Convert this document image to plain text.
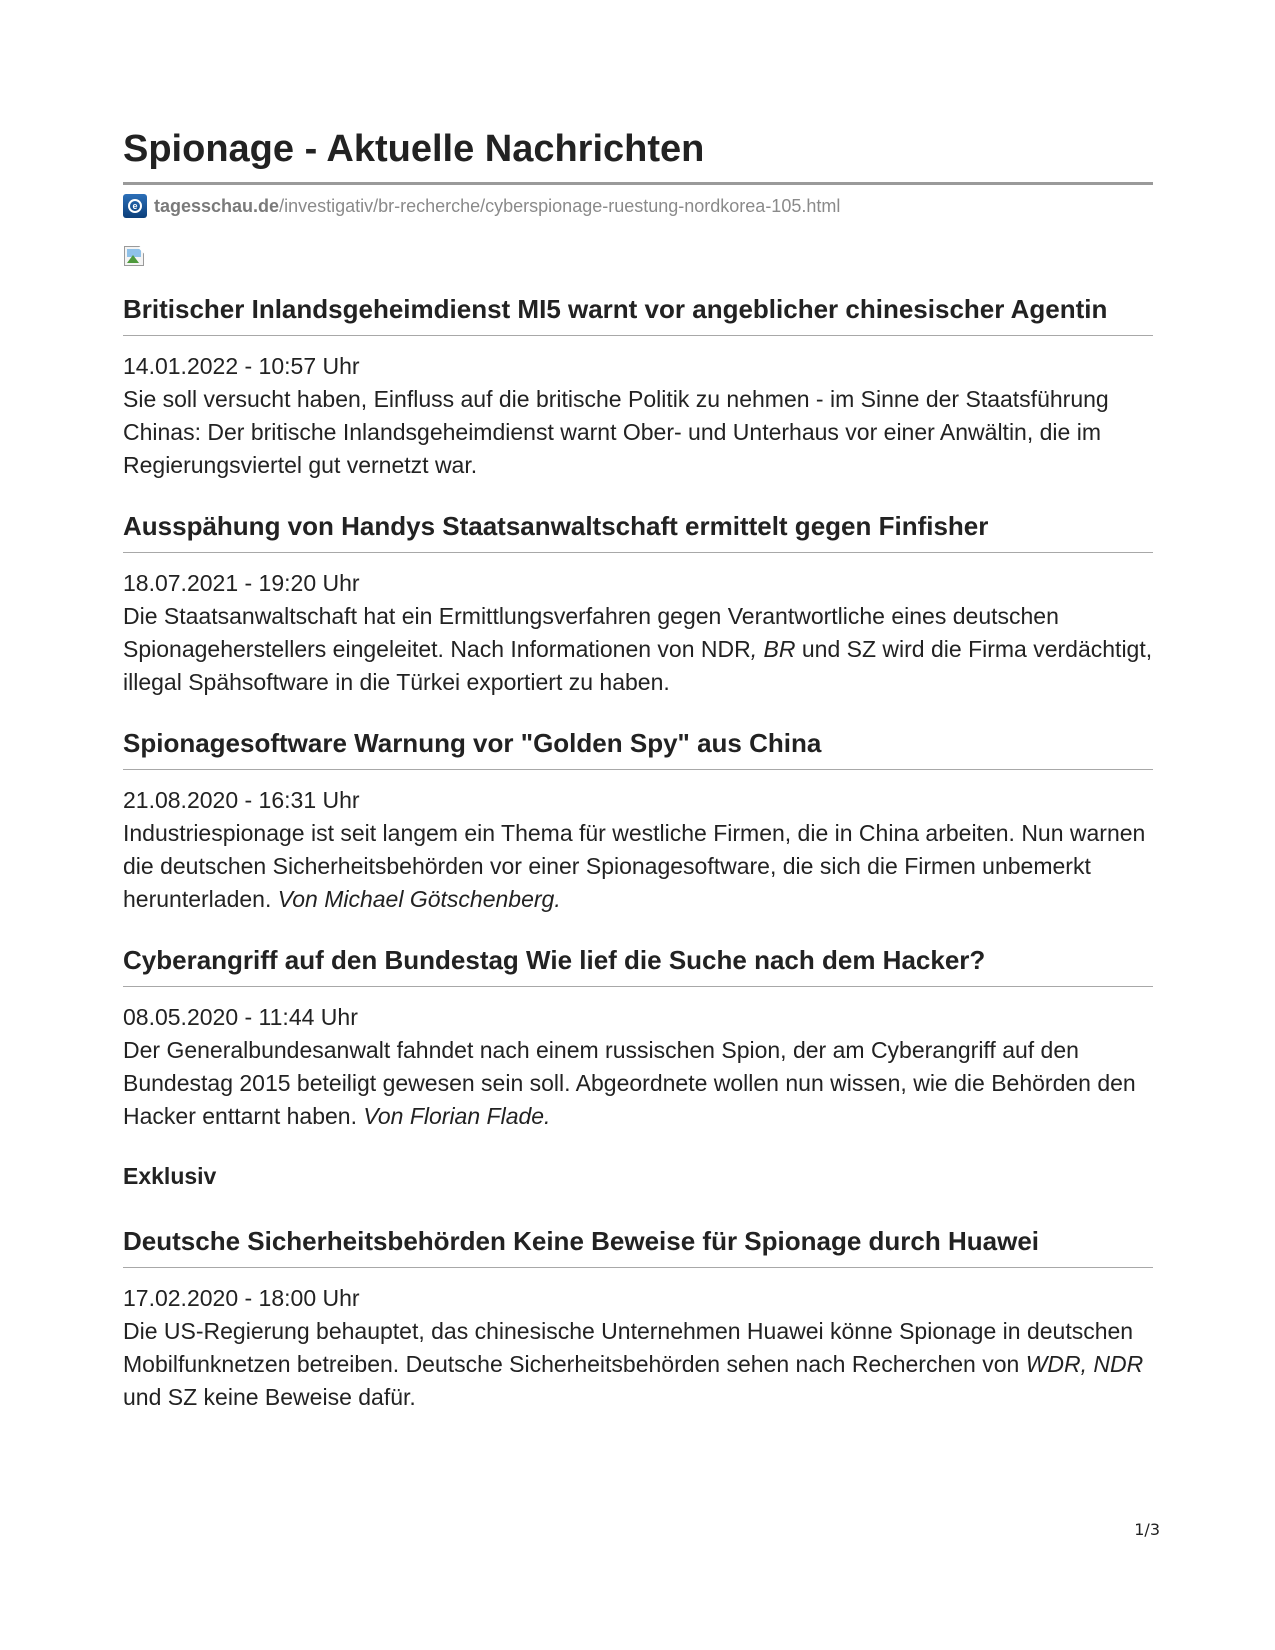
Spionage - Aktuelle Nachrichten
e tagesschau.de /investigativ/br-recherche/cyberspionage-ruestung-nordkorea-105.html
Britischer Inlandsgeheimdienst MI5 warnt vor angeblicher chinesischer Agentin
14.01.2022 - 10:57 Uhr

Sie soll versucht haben, Einfluss auf die britische Politik zu nehmen - im Sinne der Staatsführung Chinas: Der britische Inlandsgeheimdienst warnt Ober- und Unterhaus vor einer Anwältin, die im Regierungsviertel gut vernetzt war.

Ausspähung von Handys Staatsanwaltschaft ermittelt gegen Finfisher
18.07.2021 - 19:20 Uhr

Die Staatsanwaltschaft hat ein Ermittlungsverfahren gegen Verantwortliche eines deutschen Spionageherstellers eingeleitet. Nach Informationen von NDR, BR und SZ wird die Firma verdächtigt, illegal Spähsoftware in die Türkei exportiert zu haben.

Spionagesoftware Warnung vor "Golden Spy" aus China
21.08.2020 - 16:31 Uhr

Industriespionage ist seit langem ein Thema für westliche Firmen, die in China arbeiten. Nun warnen die deutschen Sicherheitsbehörden vor einer Spionagesoftware, die sich die Firmen unbemerkt herunterladen. Von Michael Götschenberg.

Cyberangriff auf den Bundestag Wie lief die Suche nach dem Hacker?
08.05.2020 - 11:44 Uhr

Der Generalbundesanwalt fahndet nach einem russischen Spion, der am Cyberangriff auf den Bundestag 2015 beteiligt gewesen sein soll. Abgeordnete wollen nun wissen, wie die Behörden den Hacker enttarnt haben. Von Florian Flade.

Exklusiv
Deutsche Sicherheitsbehörden Keine Beweise für Spionage durch Huawei
17.02.2020 - 18:00 Uhr

Die US-Regierung behauptet, das chinesische Unternehmen Huawei könne Spionage in deutschen Mobilfunknetzen betreiben. Deutsche Sicherheitsbehörden sehen nach Recherchen von WDR, NDR und SZ keine Beweise dafür.

1/3
